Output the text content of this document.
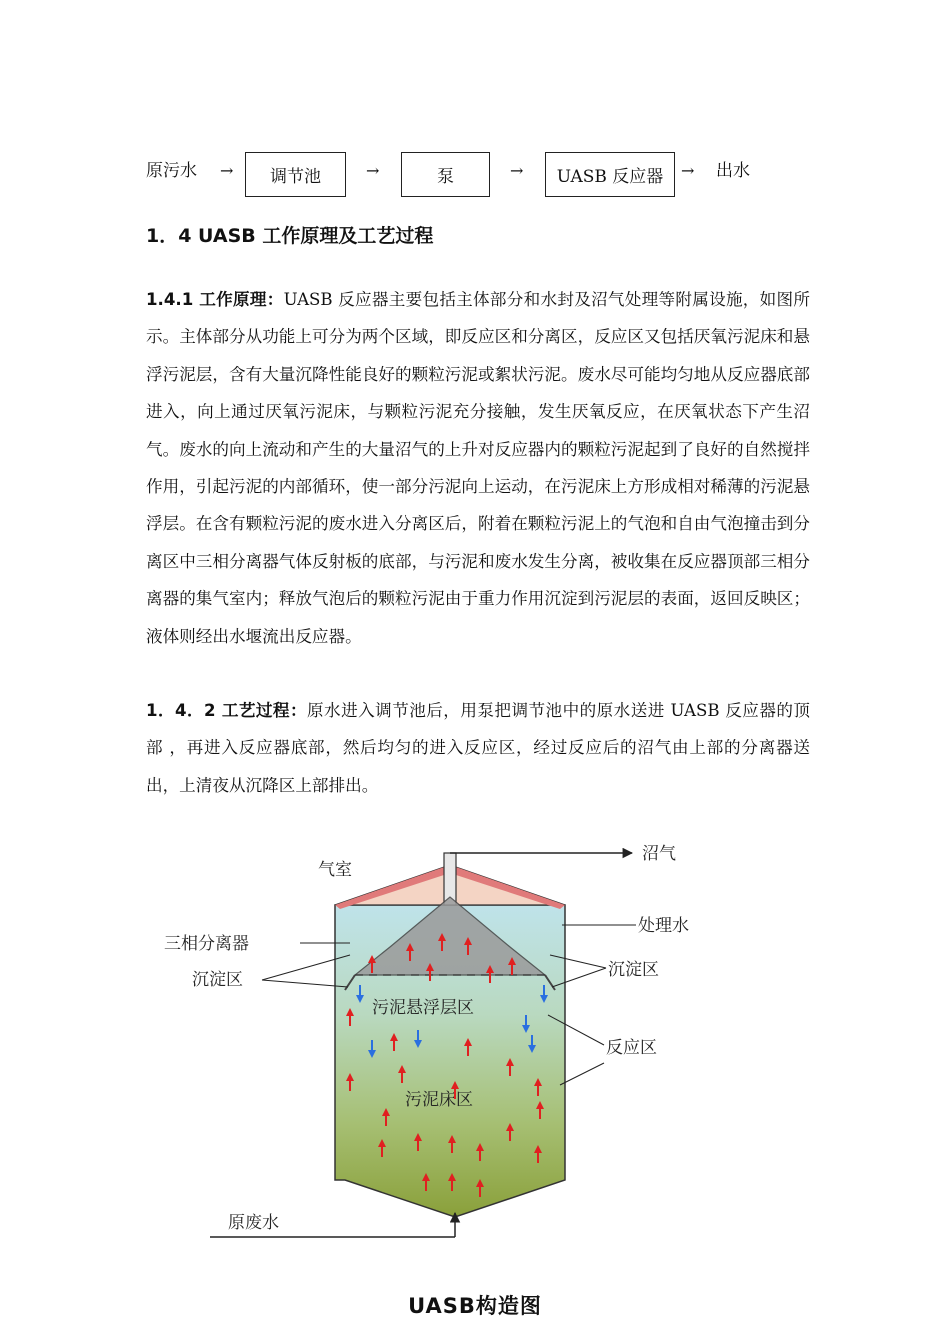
原污水 → 调节池	→	泵	→ UASB 反应器 → 出水
1．4 UASB 工作原理及工艺过程

1.4.1 工作原理：UASB 反应器主要包括主体部分和水封及沼气处理等附属设施，如图所示。主体部分从功能上可分为两个区域，即反应区和分离区，反应区又包括厌氧污泥床和悬浮污泥层，含有大量沉降性能良好的颗粒污泥或絮状污泥。废水尽可能均匀地从反应器底部进入，向上通过厌氧污泥床，与颗粒污泥充分接触，发生厌氧反应，在厌氧状态下产生沼气。废水的向上流动和产生的大量沼气的上升对反应器内的颗粒污泥起到了良好的自然搅拌作用，引起污泥的内部循环，使一部分污泥向上运动，在污泥床上方形成相对稀薄的污泥悬浮层。在含有颗粒污泥的废水进入分离区后，附着在颗粒污泥上的气泡和自由气泡撞击到分离区中三相分离器气体反射板的底部，与污泥和废水发生分离，被收集在反应器顶部三相分离器的集气室内；释放气泡后的颗粒污泥由于重力作用沉淀到污泥层的表面，返回反映区；液体则经出水堰流出反应器。

1．4．2 工艺过程：原水进入调节池后，用泵把调节池中的原水送进 UASB 反应器的顶部 ，再进入反应器底部，然后均匀的进入反应区，经过反应后的沼气由上部的分离器送出，上清夜从沉降区上部排出。

沼气
气室
处理水
三相分离器
沉淀区	沉淀区
污泥悬浮层区
反应区
污泥床区
原废水
UASB构造图
